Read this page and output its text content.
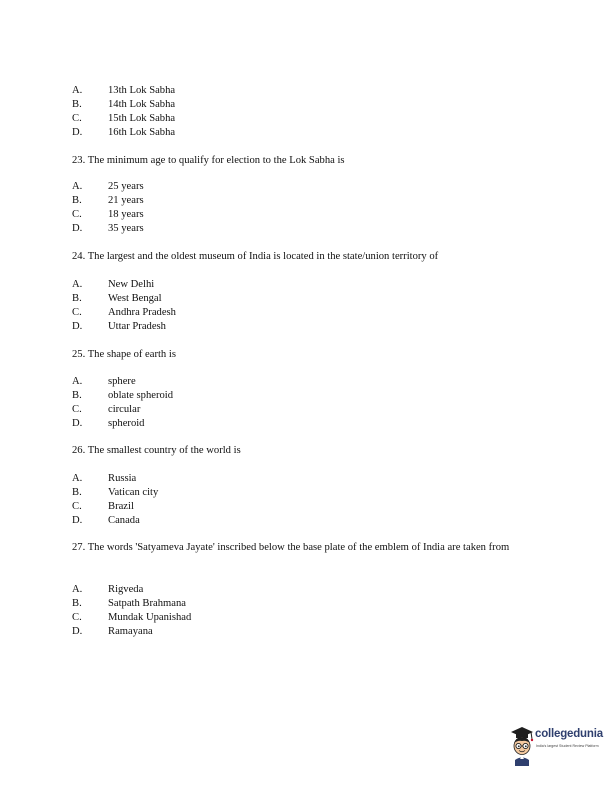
A. 13th Lok Sabha
B. 14th Lok Sabha
C. 15th Lok Sabha
D. 16th Lok Sabha

23. The minimum age to qualify for election to the Lok Sabha is

A. 25 years
B. 21 years
C. 18 years
D. 35 years

24. The largest and the oldest museum of India is located in the state/union territory of

A. New Delhi
B. West Bengal
C. Andhra Pradesh
D. Uttar Pradesh

25. The shape of earth is

A. sphere
B. oblate spheroid
C. circular
D. spheroid

26. The smallest country of the world is

A. Russia
B. Vatican city
C. Brazil
D. Canada

27. The words 'Satyameva Jayate' inscribed below the base plate of the emblem of India are taken from

A. Rigveda
B. Satpath Brahmana
C. Mundak Upanishad
D. Ramayana
collegedunia
India's largest Student Review Platform
